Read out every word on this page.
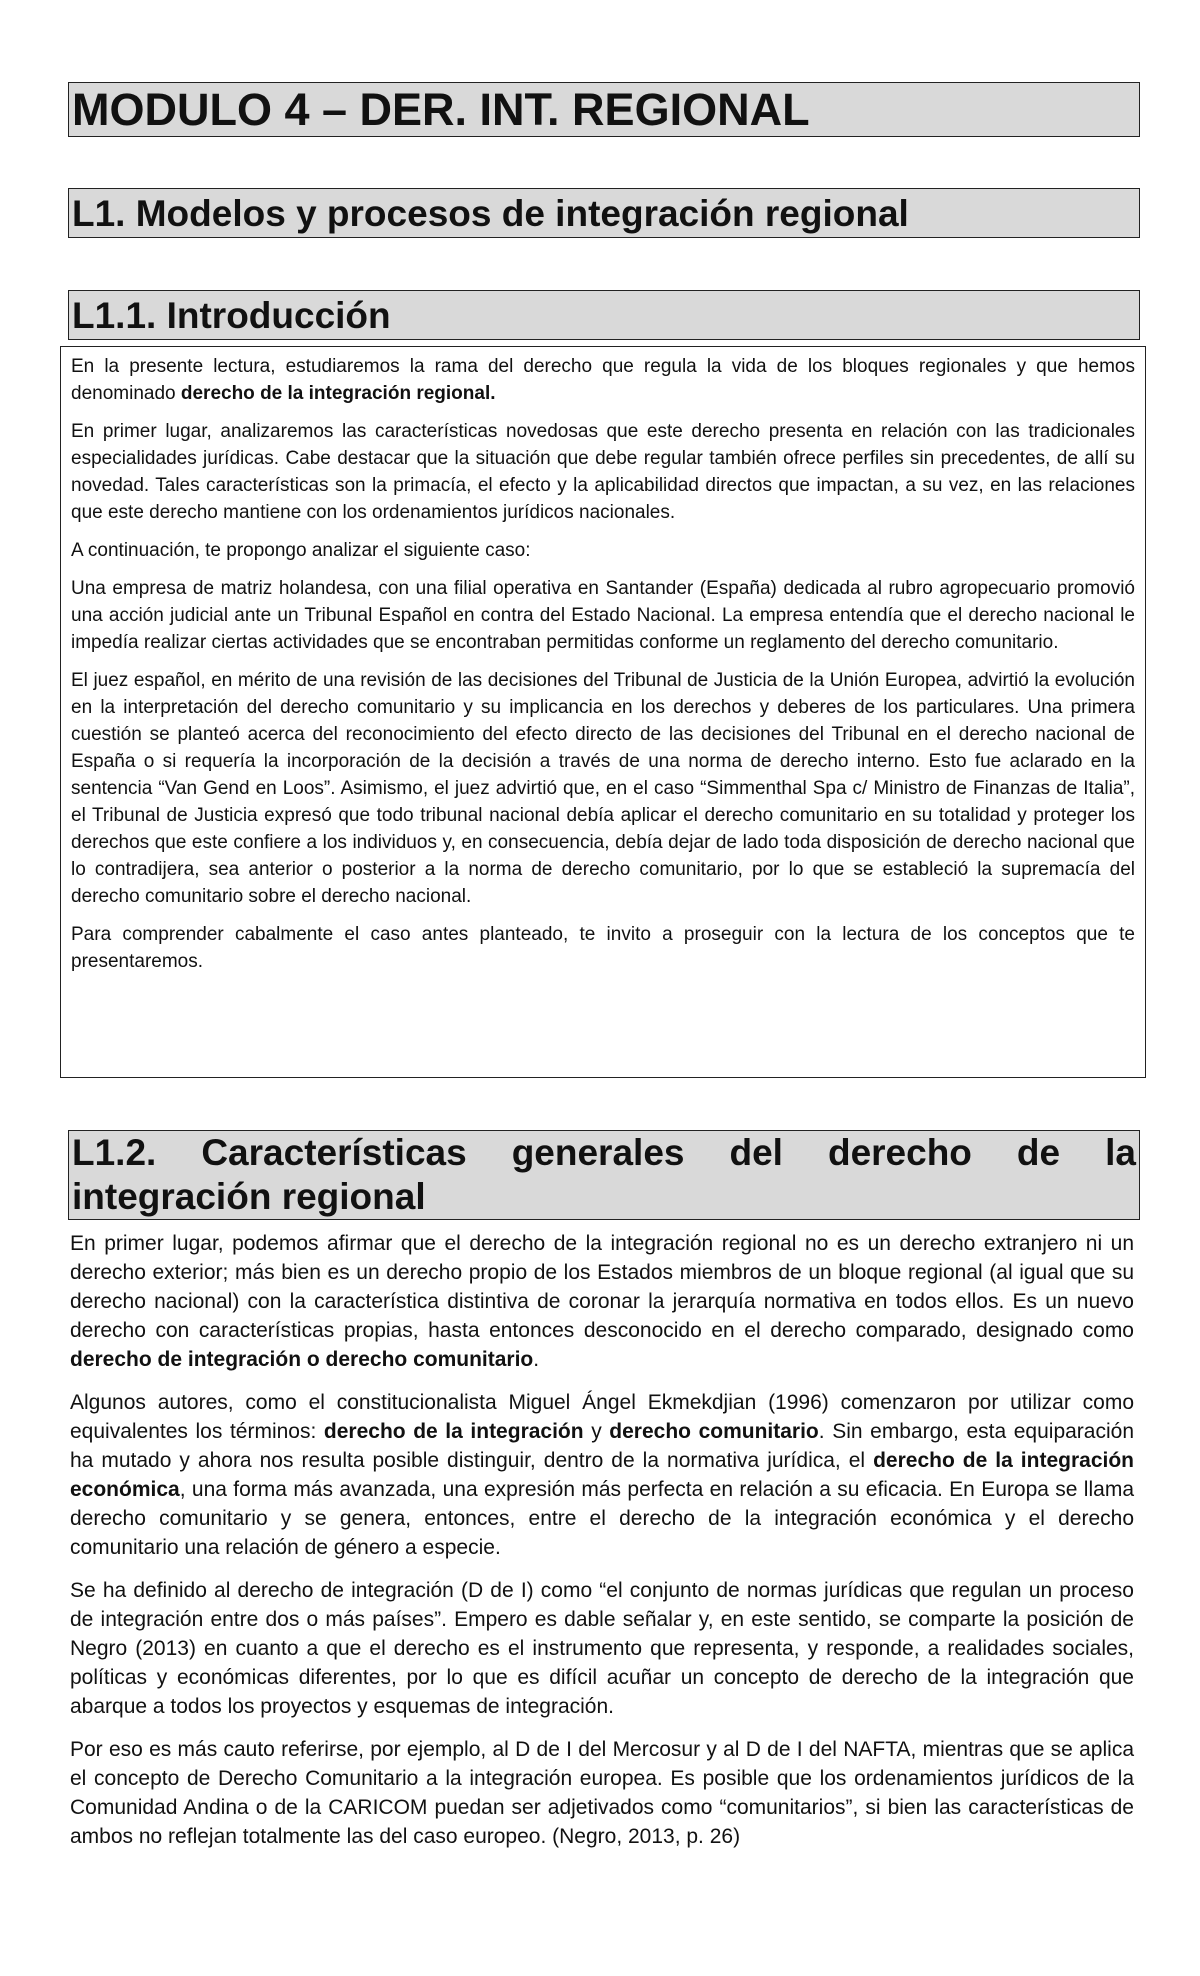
MODULO 4 – DER. INT. REGIONAL
L1. Modelos y procesos de integración regional
L1.1. Introducción

En la presente lectura, estudiaremos la rama del derecho que regula la vida de los bloques regionales y que hemos denominado derecho de la integración regional.

En primer lugar, analizaremos las características novedosas que este derecho presenta en relación con las tradicionales especialidades jurídicas. Cabe destacar que la situación que debe regular también ofrece perfiles sin precedentes, de allí su novedad. Tales características son la primacía, el efecto y la aplicabilidad directos que impactan, a su vez, en las relaciones que este derecho mantiene con los ordenamientos jurídicos nacionales.

A continuación, te propongo analizar el siguiente caso:

Una empresa de matriz holandesa, con una filial operativa en Santander (España) dedicada al rubro agropecuario promovió una acción judicial ante un Tribunal Español en contra del Estado Nacional. La empresa entendía que el derecho nacional le impedía realizar ciertas actividades que se encontraban permitidas conforme un reglamento del derecho comunitario.

El juez español, en mérito de una revisión de las decisiones del Tribunal de Justicia de la Unión Europea, advirtió la evolución en la interpretación del derecho comunitario y su implicancia en los derechos y deberes de los particulares. Una primera cuestión se planteó acerca del reconocimiento del efecto directo de las decisiones del Tribunal en el derecho nacional de España o si requería la incorporación de la decisión a través de una norma de derecho interno. Esto fue aclarado en la sentencia “Van Gend en Loos”. Asimismo, el juez advirtió que, en el caso “Simmenthal Spa c/ Ministro de Finanzas de Italia”, el Tribunal de Justicia expresó que todo tribunal nacional debía aplicar el derecho comunitario en su totalidad y proteger los derechos que este confiere a los individuos y, en consecuencia, debía dejar de lado toda disposición de derecho nacional que lo contradijera, sea anterior o posterior a la norma de derecho comunitario, por lo que se estableció la supremacía del derecho comunitario sobre el derecho nacional.

Para comprender cabalmente el caso antes planteado, te invito a proseguir con la lectura de los conceptos que te presentaremos.

L1.2. Características generales del derecho de la integración regional

En primer lugar, podemos afirmar que el derecho de la integración regional no es un derecho extranjero ni un derecho exterior; más bien es un derecho propio de los Estados miembros de un bloque regional (al igual que su derecho nacional) con la característica distintiva de coronar la jerarquía normativa en todos ellos. Es un nuevo derecho con características propias, hasta entonces desconocido en el derecho comparado, designado como derecho de integración o derecho comunitario.

Algunos autores, como el constitucionalista Miguel Ángel Ekmekdjian (1996) comenzaron por utilizar como equivalentes los términos: derecho de la integración y derecho comunitario. Sin embargo, esta equiparación ha mutado y ahora nos resulta posible distinguir, dentro de la normativa jurídica, el derecho de la integración económica, una forma más avanzada, una expresión más perfecta en relación a su eficacia. En Europa se llama derecho comunitario y se genera, entonces, entre el derecho de la integración económica y el derecho comunitario una relación de género a especie.

Se ha definido al derecho de integración (D de I) como “el conjunto de normas jurídicas que regulan un proceso de integración entre dos o más países”. Empero es dable señalar y, en este sentido, se comparte la posición de Negro (2013) en cuanto a que el derecho es el instrumento que representa, y responde, a realidades sociales, políticas y económicas diferentes, por lo que es difícil acuñar un concepto de derecho de la integración que abarque a todos los proyectos y esquemas de integración.

Por eso es más cauto referirse, por ejemplo, al D de I del Mercosur y al D de I del NAFTA, mientras que se aplica el concepto de Derecho Comunitario a la integración europea. Es posible que los ordenamientos jurídicos de la Comunidad Andina o de la CARICOM puedan ser adjetivados como “comunitarios”, si bien las características de ambos no reflejan totalmente las del caso europeo. (Negro, 2013, p. 26)
